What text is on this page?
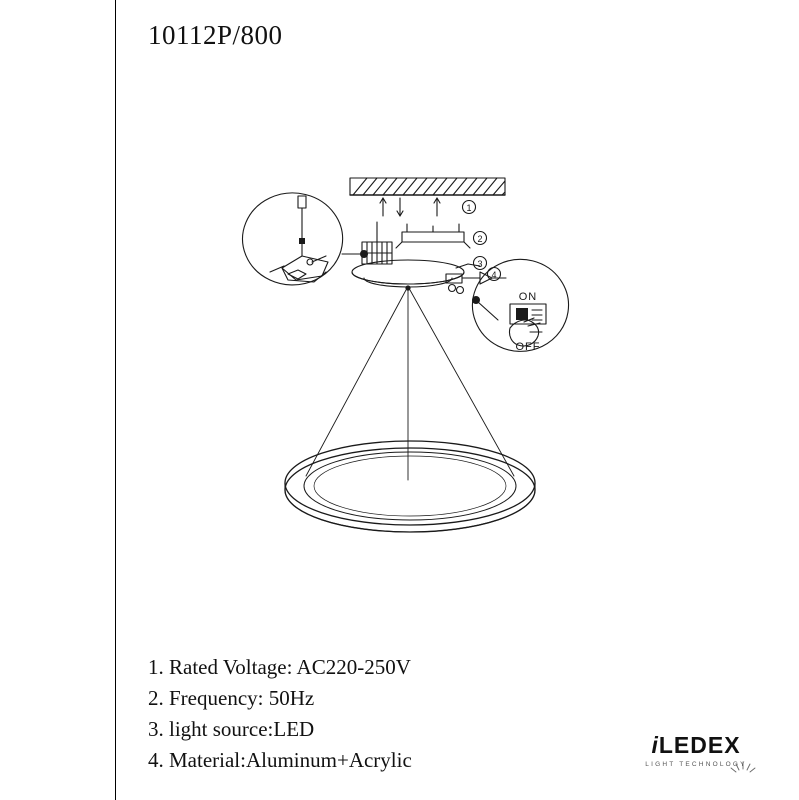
10112P/800
1
2
3
4
ON
OFF
1. Rated Voltage: AC220-250V
2. Frequency: 50Hz
3. light source:LED
4. Material:Aluminum+Acrylic
iLEDEX
LIGHT TECHNOLOGY
